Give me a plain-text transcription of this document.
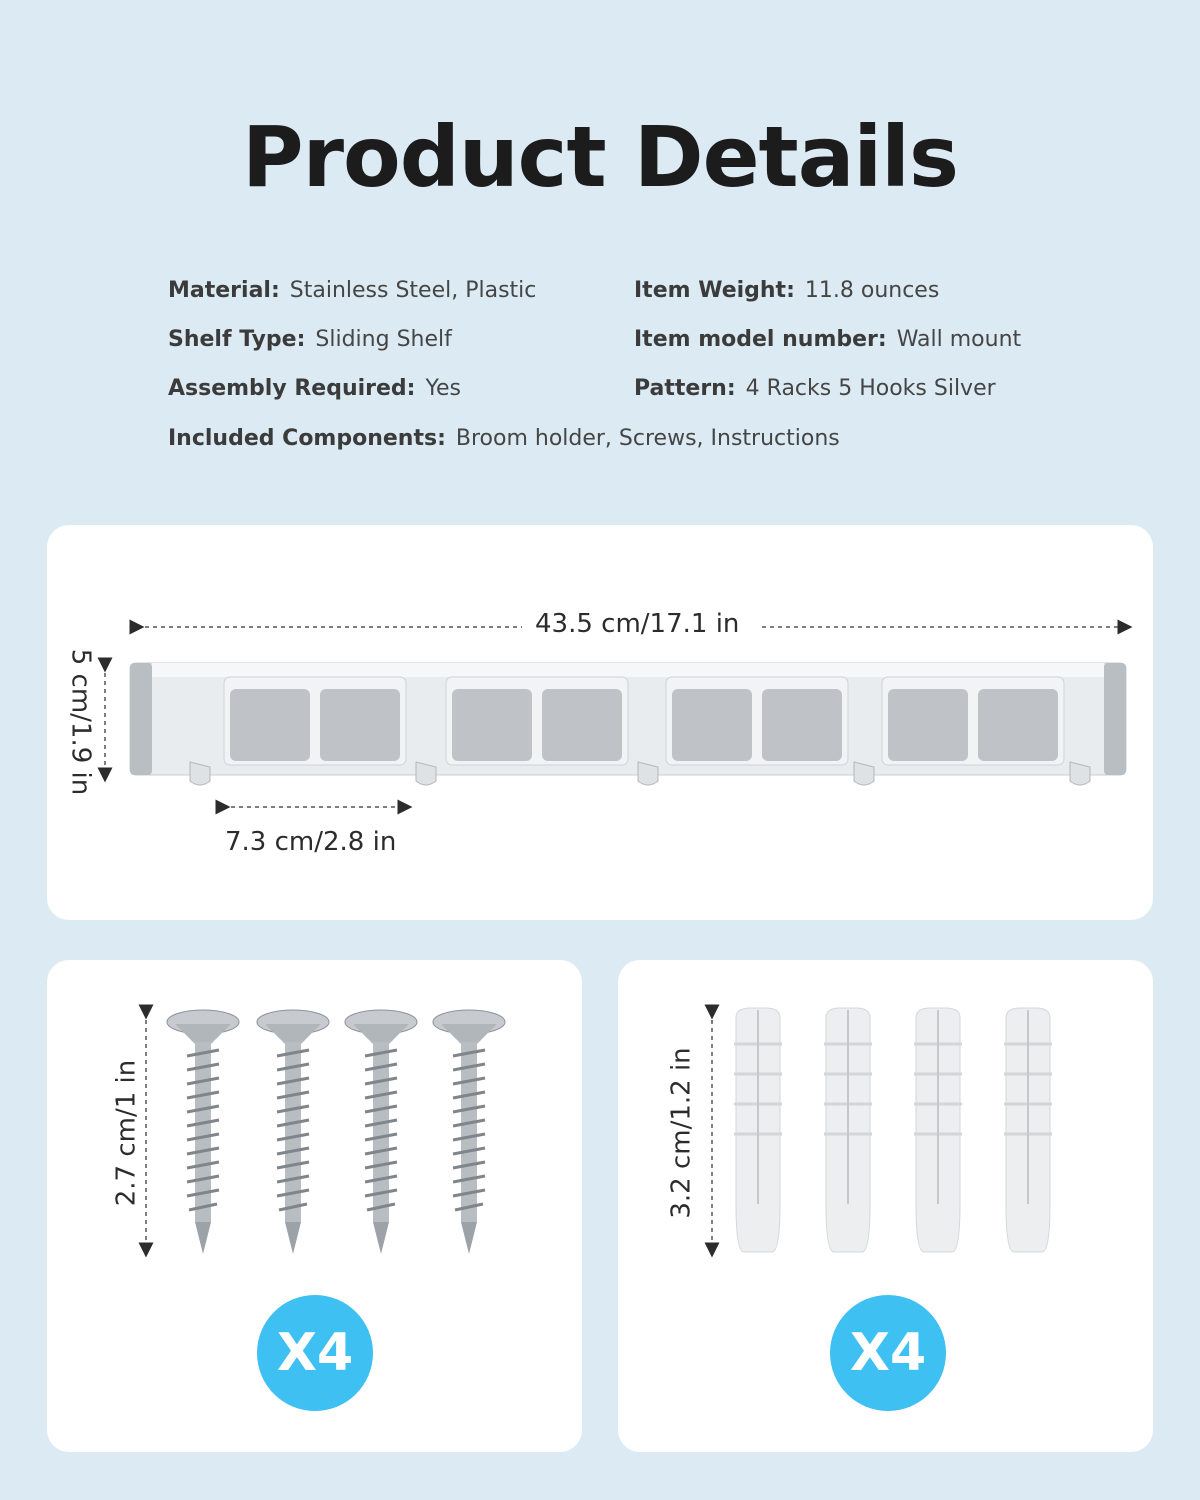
Product Details
Material: Stainless Steel, Plastic
Shelf Type: Sliding Shelf
Assembly Required: Yes
Included Components: Broom holder, Screws, Instructions
Item Weight: 11.8 ounces
Item model number: Wall mount
Pattern: 4 Racks 5 Hooks Silver
43.5 cm/17.1 in
5 cm/1.9 in
7.3 cm/2.8 in
2.7 cm/1 in
X4
3.2 cm/1.2 in
X4
